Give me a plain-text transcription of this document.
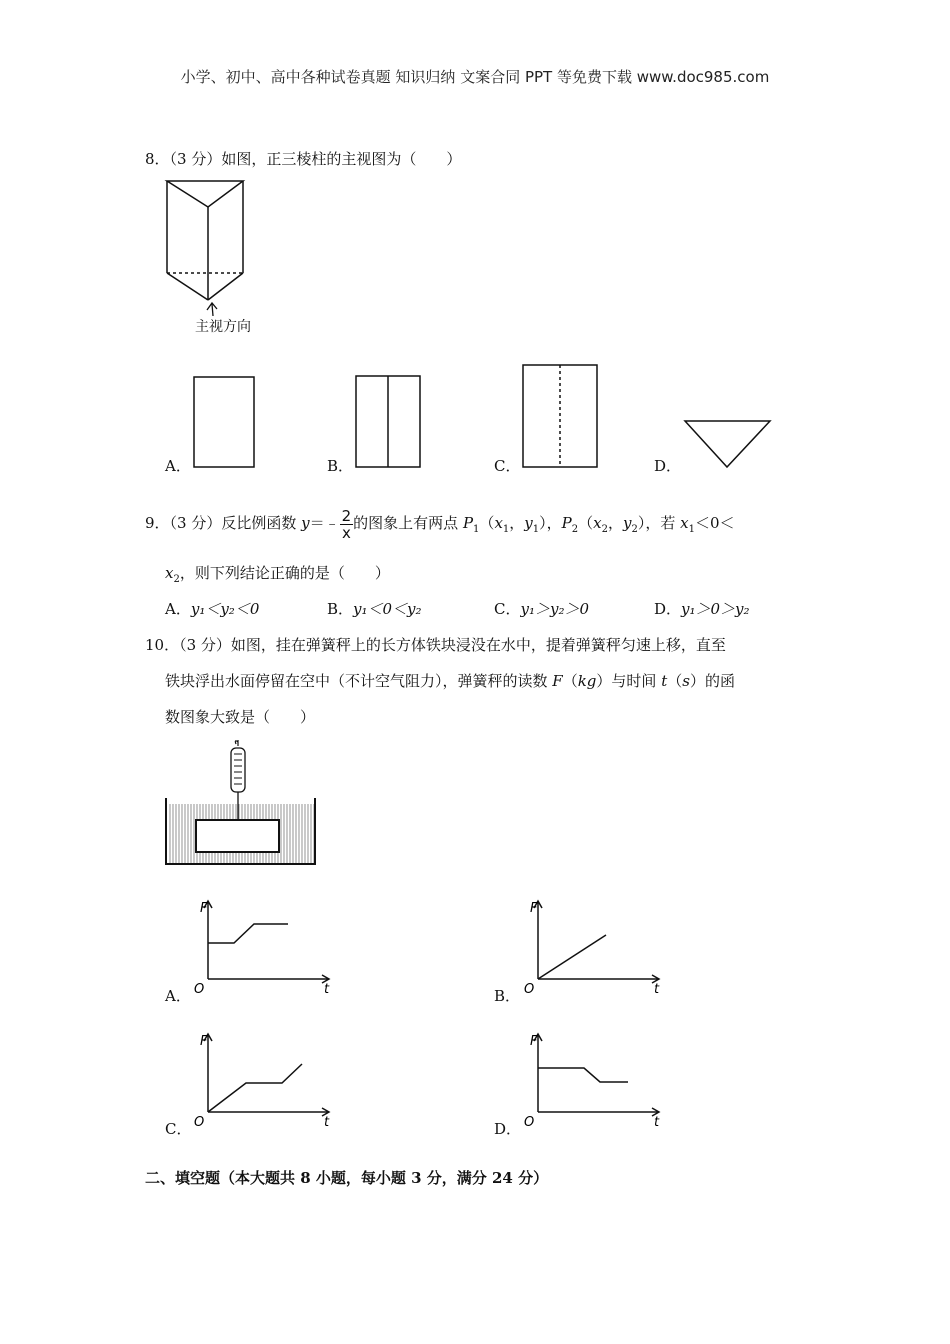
小学、初中、高中各种试卷真题 知识归纳 文案合同 PPT 等免费下载 www.doc985.com
8．（3 分）如图，正三棱柱的主视图为（　　）
主视方向
A．	B．	C．	D．
9．（3 分）反比例函数 y＝﹣ $\frac{2}{x}$ 的图象上有两点 $P_1(x_1$，$y_1$），$P_2(x_2$，$y_2$），若 $x_1<0<$
$x_2$，则下列结论正确的是（　　）
A．y₁＜y₂＜0	B．y₁＜0＜y₂	C．y₁＞y₂＞0	D．y₁＞0＞y₂
10．（3 分）如图，挂在弹簧秤上的长方体铁块浸没在水中，提着弹簧秤匀速上移，直至
铁块浮出水面停留在空中（不计空气阻力），弹簧秤的读数 F（kg）与时间 t（s）的函
数图象大致是（　　）
A．
F
t
O	B．
F
t
O
C．
F
t
O	D．
F
t
O
二、填空题（本大题共 8 小题，每小题 3 分，满分 24 分）
